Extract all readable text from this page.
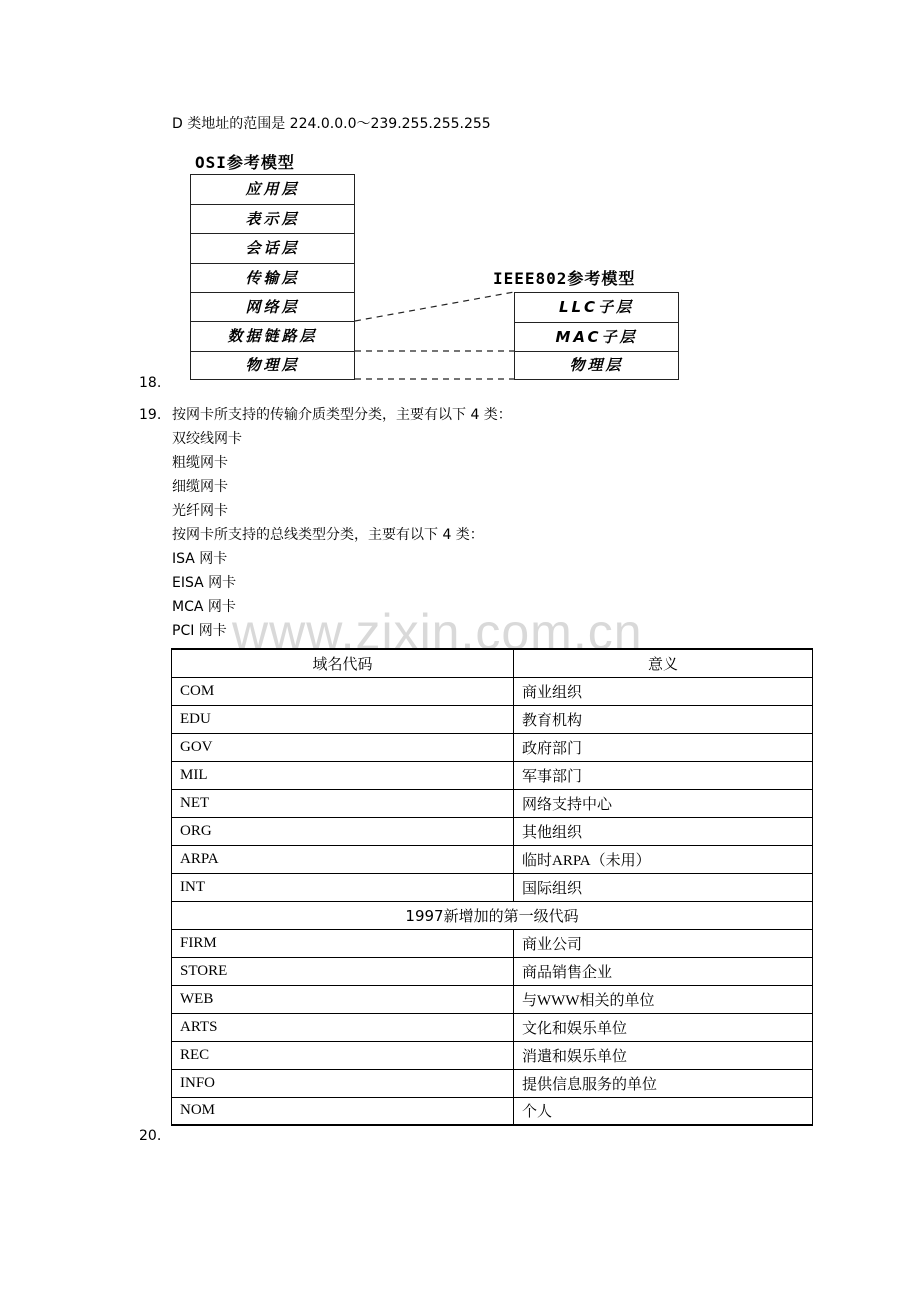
D 类地址的范围是 224.0.0.0～239.255.255.255
OSI参考模型
应用层
表示层
会话层
传输层
网络层
数据链路层
物理层
IEEE802参考模型
LLC子层
MAC子层
物理层
18.
19. 按网卡所支持的传输介质类型分类，主要有以下 4 类：
双绞线网卡
粗缆网卡
细缆网卡
光纤网卡
按网卡所支持的总线类型分类，主要有以下 4 类：
ISA 网卡
EISA 网卡
MCA 网卡
PCI 网卡 www.zixin.com.cn
域名代码	意义
COM	商业组织
EDU	教育机构
GOV	政府部门
MIL	军事部门
NET	网络支持中心
ORG	其他组织
ARPA	临时ARPA（未用）
INT	国际组织
1997新增加的第一级代码	
FIRM	商业公司
STORE	商品销售企业
WEB	与WWW相关的单位
ARTS	文化和娱乐单位
REC	消遣和娱乐单位
INFO	提供信息服务的单位
NOM	个人
20.
